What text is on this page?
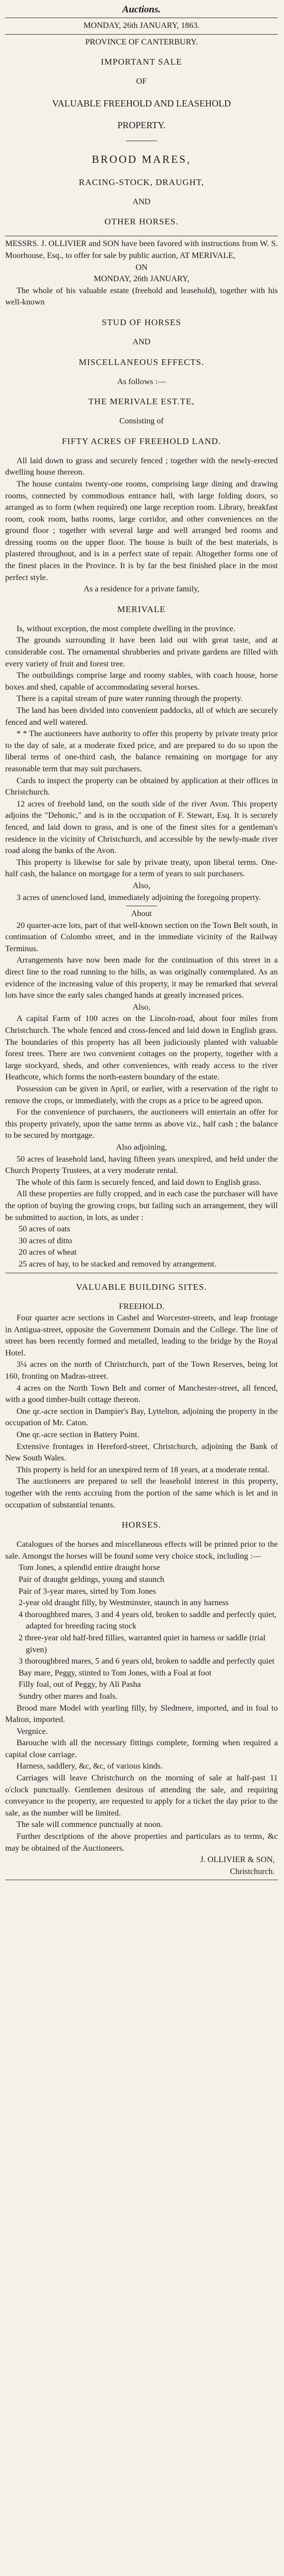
Auctions.

MONDAY, 26th JANUARY, 1863.

PROVINCE OF CANTERBURY.

IMPORTANT SALE

OF

VALUABLE FREEHOLD AND LEASEHOLD

PROPERTY.

BROOD MARES,

RACING-STOCK, DRAUGHT,

AND

OTHER HORSES.

MESSRS. J. OLLIVIER and SON have been favored with instructions from W. S. Moorhouse, Esq., to offer for sale by public auction, AT MERIVALE,

ON

MONDAY, 26th JANUARY,

The whole of his valuable estate (freehold and leasehold), together with his well-known

STUD OF HORSES

AND

MISCELLANEOUS EFFECTS.

As follows :—

THE MERIVALE EST.TE,

Consisting of

FIFTY ACRES OF FREEHOLD LAND.

All laid down to grass and securely fenced ; together with the newly-erected dwelling house thereon.

The house contains twenty-one rooms, comprising large dining and drawing rooms, connected by commodious entrance hall, with large folding doors, so arranged as to form (when required) one large reception room. Library, breakfast room, cook room, baths rooms, large corridor, and other conveniences on the ground floor ; together with several large and well arranged bed rooms and dressing rooms on the upper floor. The house is built of the best materials, is plastered throughout, and is in a perfect state of repair. Altogether forms one of the finest places in the Province. It is by far the best finished place in the most perfect style.

As a residence for a private family,

MERIVALE

Is, without exception, the most complete dwelling in the province.

The grounds surrounding it have been laid out with great taste, and at considerable cost. The ornamental shrubberies and private gardens are filled with every variety of fruit and forest tree.

The outbuildings comprise large and roomy stables, with coach house, horse boxes and shed, capable of accommodating several horses.

There is a capital stream of pure water running through the property.

The land has been divided into convenient paddocks, all of which are securely fenced and well watered.

* * The auctioneers have authority to offer this property by private treaty prior to the day of sale, at a moderate fixed price, and are prepared to do so upon the liberal terms of one-third cash, the balance remaining on mortgage for any reasonable term that may suit purchasers.

Cards to inspect the property can be obtained by application at their offices in Christchurch.

12 acres of freehold land, on the south side of the river Avon. This property adjoins the "Dehonic," and is in the occupation of F. Stewart, Esq. It is securely fenced, and laid down to grass, and is one of the finest sites for a gentleman's residence in the vicinity of Christchurch, and accessible by the newly-made river road along the banks of the Avon.

This property is likewise for sale by private treaty, upon liberal terms. One-half cash, the balance on mortgage for a term of years to suit purchasers.

Also,

3 acres of unenclosed land, immediately adjoining the foregoing property.

About

20 quarter-acre lots, part of that well-known section on the Town Belt south, in continuation of Colombo street, and in the immediate vicinity of the Railway Terminus.

Arrangements have now been made for the continuation of this street in a direct line to the road running to the hills, as was originally contemplated. As an evidence of the increasing value of this property, it may be remarked that several lots have since the early sales changed hands at greatly increased prices.

Also,

A capital Farm of 100 acres on the Lincoln-road, about four miles from Christchurch. The whole fenced and cross-fenced and laid down in English grass. The boundaries of this property has all been judiciously planted with valuable forest trees. There are two convenient cottages on the property, together with a large stockyard, sheds, and other conveniences, with ready access to the river Heathcote, which forms the north-eastern boundary of the estate.

Possession can be given in April, or earlier, with a reservation of the right to remove the crops, or immediately, with the crops as a price to be agreed upon.

For the convenience of purchasers, the auctioneers will entertain an offer for this property privately, upon the same terms as above viz., half cash ; the balance to be secured by mortgage.

Also adjoining,

50 acres of leasehold land, having fifteen years unexpired, and held under the Church Property Trustees, at a very moderate rental.

The whole of this farm is securely fenced, and laid down to English grass.

All these properties are fully cropped, and in each case the purchaser will have the option of buying the growing crops, but failing such an arrangement, they will be submitted to auction, in lots, as under :

50 acres of oats

30 acres of ditto

20 acres of wheat

25 acres of hay, to be stacked and removed by arrangement.

VALUABLE BUILDING SITES.

FREEHOLD.

Four quarter acre sections in Cashel and Worcester-streets, and leap frontage in Antigua-street, opposite the Government Domain and the College. The line of street has been recently formed and metalled, leading to the bridge by the Royal Hotel.

3¼ acres on the north of Christchurch, part of the Town Reserves, being lot 160, fronting on Madras-street.

4 acres on the North Town Belt and corner of Manchester-street, all fenced, with a good timber-built cottage thereon.

One qr.-acre section in Dampier's Bay, Lyttelton, adjoining the property in the occupation of Mr. Caton.

One qr.-acre section in Battery Point.

Extensive frontages in Hereford-street, Christchurch, adjoining the Bank of New South Wales.

This property is held for an unexpired term of 18 years, at a moderate rental.

The auctioneers are prepared to sell the leasehold interest in this property, together with the rents accruing from the portion of the same which is let and in occupation of substantial tenants.

HORSES.

Catalogues of the horses and miscellaneous effects will be printed prior to the sale. Amongst the horses will be found some very choice stock, including :—

Tom Jones, a splendid entire draught horse

Pair of draught geldings, young and staunch

Pair of 3-year mares, sirted by Tom Jones

2-year old draught filly, by Westminster, staunch in any harness

4 thoroughbred mares, 3 and 4 years old, broken to saddle and perfectly quiet, adapted for breeding racing stock

2 three-year old half-bred fillies, warranted quiet in harness or saddle (trial given)

3 thoroughbred mares, 5 and 6 years old, broken to saddle and perfectly quiet

Bay mare, Peggy, stinted to Tom Jones, with a Foal at foot

Filly foal, out of Peggy, by Ali Pasha

Sundry other mares and foals.

Brood mare Model with yearling filly, by Sledmere, imported, and in foal to Malton, imported.

Vergnice.

Barouche with all the necessary fittings complete, forming when required a capital close carriage.

Harness, saddlery, &c, &c, of various kinds.

Carriages will leave Christchurch on the morning of sale at half-past 11 o'clock punctually. Gentlemen desirous of attending the sale, and requiring conveyance to the property, are requested to apply for a ticket the day prior to the sale, as the number will be limited.

The sale will commence punctually at noon.

Further descriptions of the above properties and particulars as to terms, &c may be obtained of the Auctioneers.

J. OLLIVIER & SON,

Christchurch.
